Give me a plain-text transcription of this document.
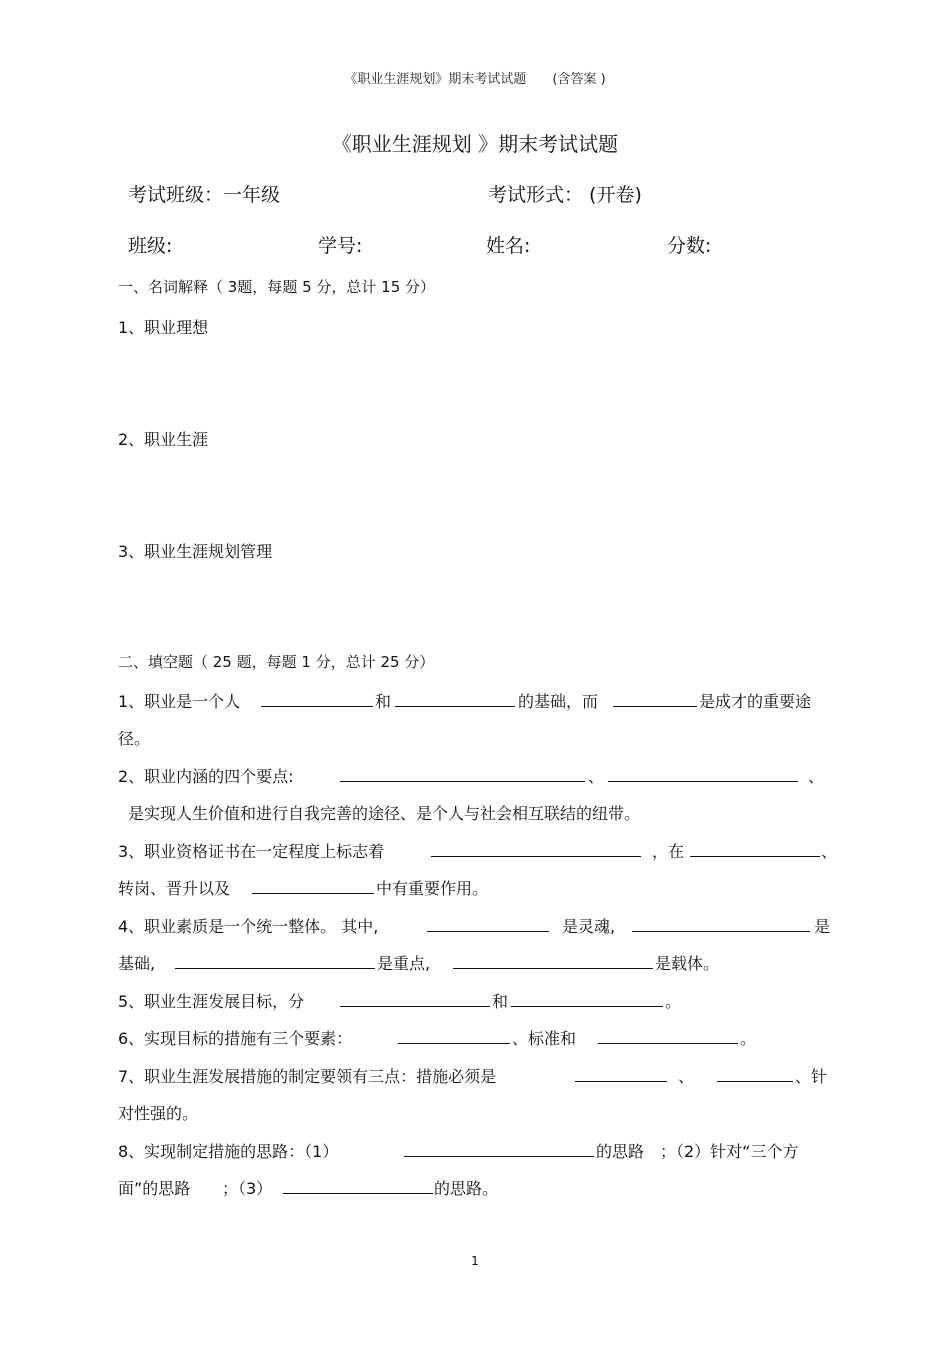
《职业生涯规划》期末考试试题　　(含答案 )
《职业生涯规划 》期末考试试题
考试班级：一年级	考试形式： (开卷)
班级:	学号:	姓名:	分数:
一、名词解释（ 3题，每题 5 分，总计 15 分）
1、职业理想
2、职业生涯
3、职业生涯规划管理
二、填空题（ 25 题，每题 1 分，总计 25 分）
1、职业是一个人	和	的基础，而	是成才的重要途
径。
2、职业内涵的四个要点:	、	、
是实现人生价值和进行自我完善的途径、是个人与社会相互联结的纽带。
3、职业资格证书在一定程度上标志着	，在	、
转岗、晋升以及	中有重要作用。
4、职业素质是一个统一整体。 其中,	是灵魂,	是
基础,	是重点,	是载体。
5、职业生涯发展目标，分	和	。
6、实现目标的措施有三个要素：	、标准和	。
7、职业生涯发展措施的制定要领有三点：措施必须是	、	、针
对性强的。
8、实现制定措施的思路：（1）	的思路 ；（2）针对“三个方
面”的思路 ；（3）	的思路。
1
